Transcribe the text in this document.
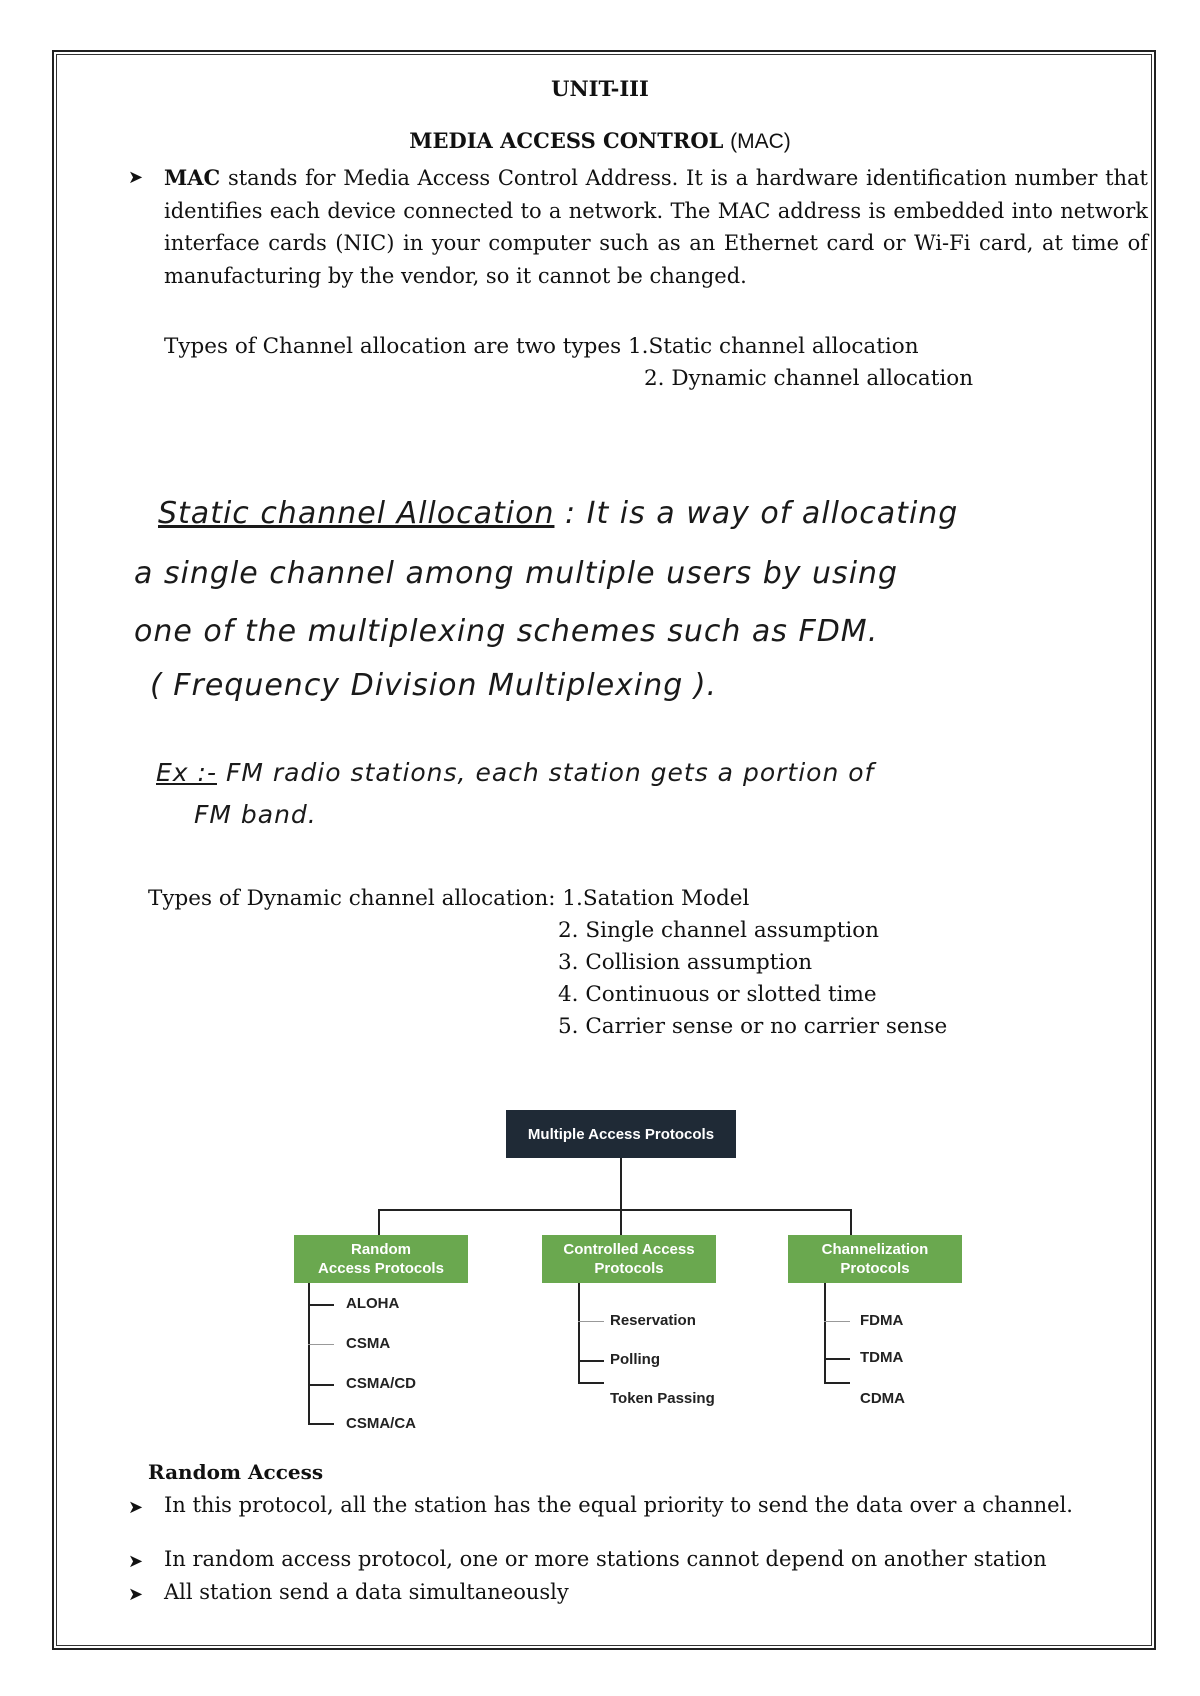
UNIT-III
MEDIA ACCESS CONTROL (MAC)
➤ MAC stands for Media Access Control Address. It is a hardware identification number that identifies each device connected to a network. The MAC address is embedded into network interface cards (NIC) in your computer such as an Ethernet card or Wi-Fi card, at time of manufacturing by the vendor, so it cannot be changed.
Types of Channel allocation are two types 1.Static channel allocation
2. Dynamic channel allocation
Static channel Allocation : It is a way of allocating
a single channel among multiple users by using
one of the multiplexing schemes such as FDM.
( Frequency Division Multiplexing ).
Ex :- FM radio stations, each station gets a portion of
FM band.
Types of Dynamic channel allocation: 1.Satation Model
2. Single channel assumption
3. Collision assumption
4. Continuous or slotted time
5. Carrier sense or no carrier sense
Multiple Access Protocols
Random
Access Protocols
Controlled Access
Protocols
Channelization
Protocols
ALOHA
CSMA
CSMA/CD
CSMA/CA
Reservation
Polling
Token Passing
FDMA
TDMA
CDMA
Random Access
➤ In this protocol, all the station has the equal priority to send the data over a channel.
➤ In random access protocol, one or more stations cannot depend on another station
➤ All station send a data simultaneously
